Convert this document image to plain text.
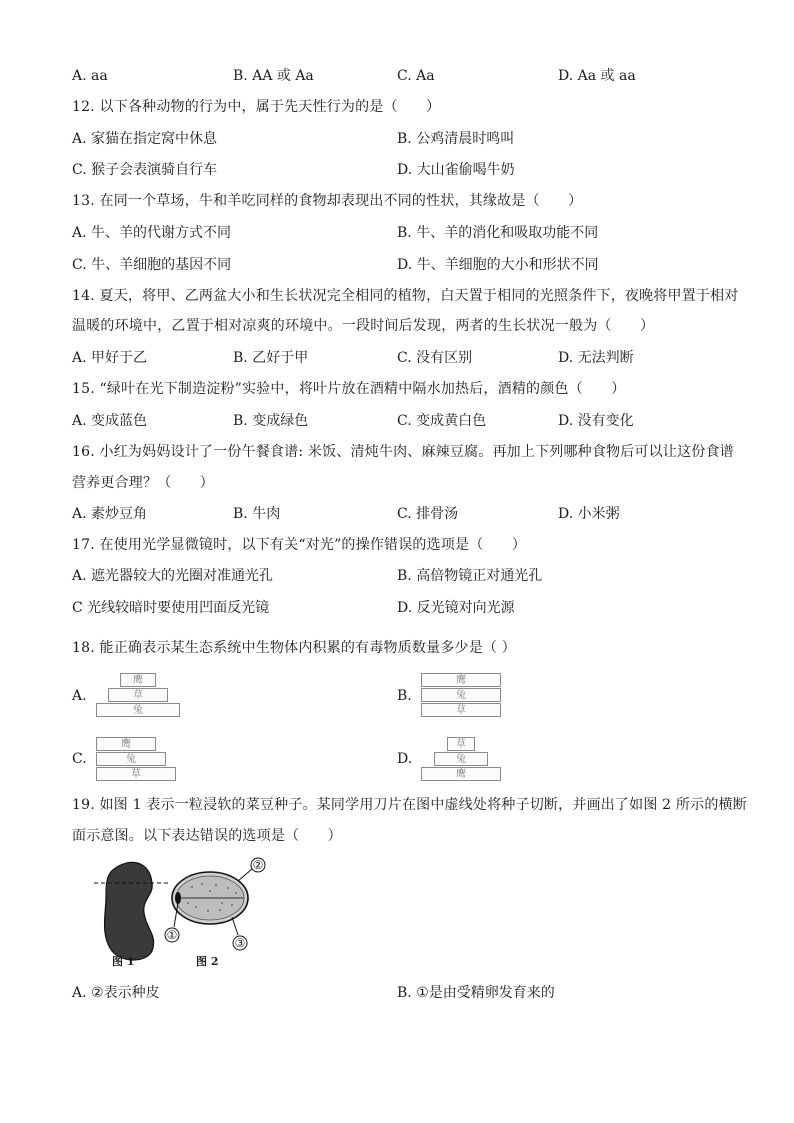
A. aa	B. AA 或 Aa	C. Aa	D. Aa 或 aa
12. 以下各种动物的行为中，属于先天性行为的是（　　）
A. 家猫在指定窝中休息	B. 公鸡清晨时鸣叫
C. 猴子会表演骑自行车	D. 大山雀偷喝牛奶
13. 在同一个草场，牛和羊吃同样的食物却表现出不同的性状，其缘故是（　　）
A. 牛、羊的代谢方式不同	B. 牛、羊的消化和吸取功能不同
C. 牛、羊细胞的基因不同	D. 牛、羊细胞的大小和形状不同
14. 夏天，将甲、乙两盆大小和生长状况完全相同的植物，白天置于相同的光照条件下，夜晚将甲置于相对
温暖的环境中，乙置于相对凉爽的环境中。一段时间后发现，两者的生长状况一般为（　　）
A. 甲好于乙	B. 乙好于甲	C. 没有区别	D. 无法判断
15. “绿叶在光下制造淀粉”实验中，将叶片放在酒精中隔水加热后，酒精的颜色（　　）
A. 变成蓝色	B. 变成绿色	C. 变成黄白色	D. 没有变化
16. 小红为妈妈设计了一份午餐食谱: 米饭、清炖牛肉、麻辣豆腐。再加上下列哪种食物后可以让这份食谱
营养更合理？（　　）
A. 素炒豆角	B. 牛肉	C. 排骨汤	D. 小米粥
17. 在使用光学显微镜时，以下有关“对光”的操作错误的选项是（　　）
A. 遮光器较大的光圈对准通光孔	B. 高倍物镜正对通光孔
C 光线较暗时要使用凹面反光镜	D. 反光镜对向光源
18. 能正确表示某生态系统中生物体内积累的有毒物质数量多少是（ ）
A.
鹰
草
兔
B.
鹰
兔
草
C.
鹰
兔
草
D.
草
兔
鹰
19. 如图 1 表示一粒浸软的菜豆种子。某同学用刀片在图中虚线处将种子切断，并画出了如图 2 所示的横断
面示意图。以下表达错误的选项是（　　）
②
①
③
图 1	图 2
A. ②表示种皮	B. ①是由受精卵发育来的
